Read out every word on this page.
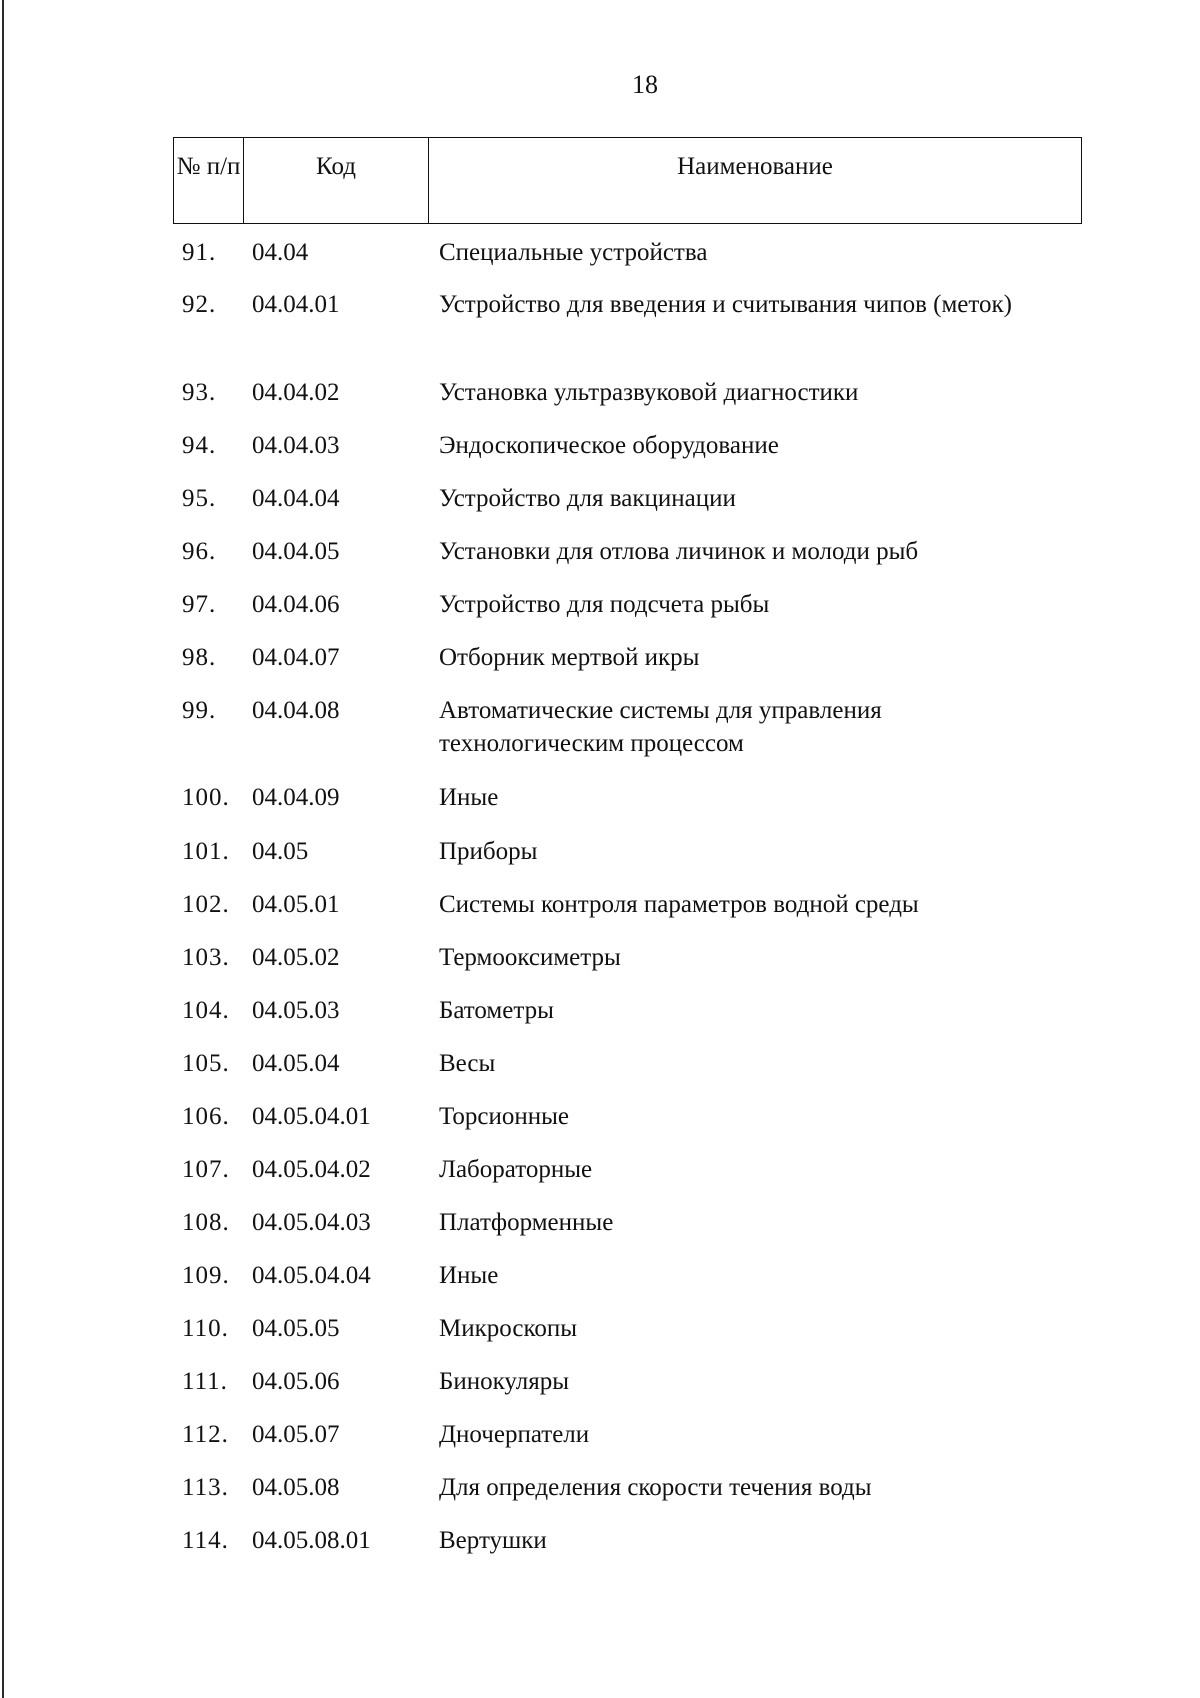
18
№ п/п	Код	Наименование
91.	04.04	Специальные устройства
92.	04.04.01	Устройство для введения и считывания чипов (меток)
93.	04.04.02	Установка ультразвуковой диагностики
94.	04.04.03	Эндоскопическое оборудование
95.	04.04.04	Устройство для вакцинации
96.	04.04.05	Установки для отлова личинок и молоди рыб
97.	04.04.06	Устройство для подсчета рыбы
98.	04.04.07	Отборник мертвой икры
99.	04.04.08	Автоматические системы для управления технологическим процессом
100. 04.04.09	Иные
101. 04.05	Приборы
102. 04.05.01	Системы контроля параметров водной среды
103. 04.05.02	Термооксиметры
104. 04.05.03	Батометры
105. 04.05.04	Весы
106. 04.05.04.01	Торсионные
107. 04.05.04.02	Лабораторные
108. 04.05.04.03	Платформенные
109. 04.05.04.04	Иные
110. 04.05.05	Микроскопы
111. 04.05.06	Бинокуляры
112. 04.05.07	Дночерпатели
113. 04.05.08	Для определения скорости течения воды
114. 04.05.08.01	Вертушки
